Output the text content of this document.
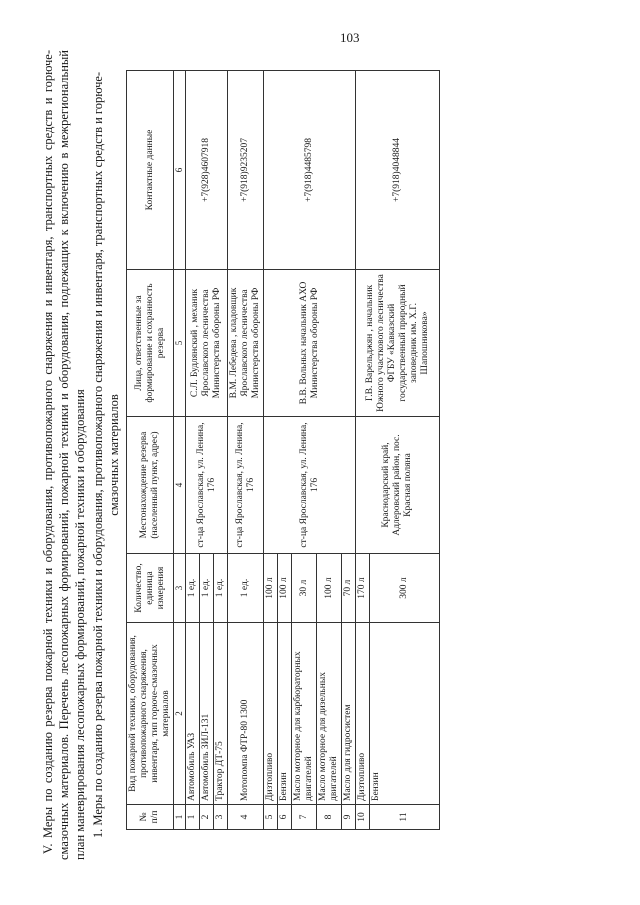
103
V. Меры по созданию резерва пожарной техники и оборудования, противопожарного снаряжения и инвентаря, транспортных средств и горюче-смазочных материалов. Перечень лесопожарных формирований, пожарной техники и оборудования, подлежащих к включению в межрегиональный план маневрирования лесопожарных формирований, пожарной техники и оборудования 1. Меры по созданию резерва пожарной техники и оборудования, противопожарного снаряжения и инвентаря, транспортных средств и горюче-смазочных материалов
№ п/п	Вид пожарной техники, оборудования, противопожарного снаряжения, инвентаря, тип горюче-смазочных материалов	Количество, единица измерения	Местонахождение резерва (населенный пункт, адрес)	Лица, ответственные за формирование и сохранность резерва	Контактные данные
1	2	3	4	5	6
1	Автомобиль УАЗ	1 ед.	ст-ца Ярославская, ул. Ленина, 176	С.Л. Будлянский , механик Ярославского лесничества Министерства обороны РФ	+7(928)4607918
2	Автомобиль ЗИЛ-131	1 ед.			
3	Трактор ДТ-75	1 ед.			
4	Мотопомпа ФТР-80 1300	1 ед.	ст-ца Ярославская, ул. Ленина, 176	В.М. Лебедева , кладовщик Ярославского лесничества Министерства обороны РФ	+7(918)9235207
5	Дизтопливо	100 л	ст-ца Ярославская, ул. Ленина, 176	В.В. Вольных начальник АХО Министерства обороны РФ	+7(918)4485798
6	Бензин	100 л			
7	Масло моторное для карбюраторных двигателей	30 л			
8	Масло моторное для дизельных двигателей	100 л			
9	Масло для гидросистем	70 л			
10	Дизтопливо	170 л	Краснодарский край, Адлеровский район, пос. Красная поляна	Г.В. Варельджян , начальник Южного участкового лесничества ФГБУ «Кавказский государственный природный заповедник им. Х.Г. Шапошникова»	+7(918)4048844
11	Бензин	300 л			
